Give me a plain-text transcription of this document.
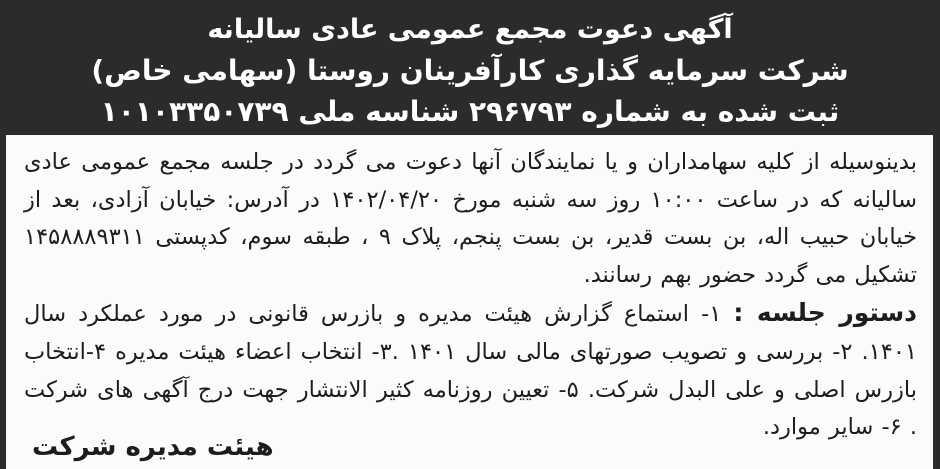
آگهی دعوت مجمع عمومی عادی سالیانه
شرکت سرمایه گذاری کارآفرینان روستا (سهامی خاص)
ثبت شده به شماره ۲۹۶۷۹۳ شناسه ملی ۱۰۱۰۳۳۵۰۷۳۹

بدینوسیله از کلیه سهامداران و یا نمایندگان آنها دعوت می گردد در جلسه مجمع عمومی عادی سالیانه که در ساعت ۱۰:۰۰ روز سه شنبه مورخ ۱۴۰۲/۰۴/۲۰ در آدرس: خیابان آزادی، بعد از خیابان حبیب اله، بن بست قدیر، بن بست پنجم، پلاک ۹ ، طبقه سوم، کدپستی ۱۴۵۸۸۸۹۳۱۱ تشکیل می گردد حضور بهم رسانند.

دستور جلسه : ۱- استماع گزارش هیئت مدیره و بازرس قانونی در مورد عملکرد سال ۱۴۰۱. ۲- بررسی و تصویب صورتهای مالی سال ۱۴۰۱ .۳- انتخاب اعضاء هیئت مدیره ۴-انتخاب بازرس اصلی و علی البدل شرکت. ۵- تعیین روزنامه کثیر الانتشار جهت درج آگهی های شرکت . ۶- سایر موارد.

هیئت مدیره شرکت
